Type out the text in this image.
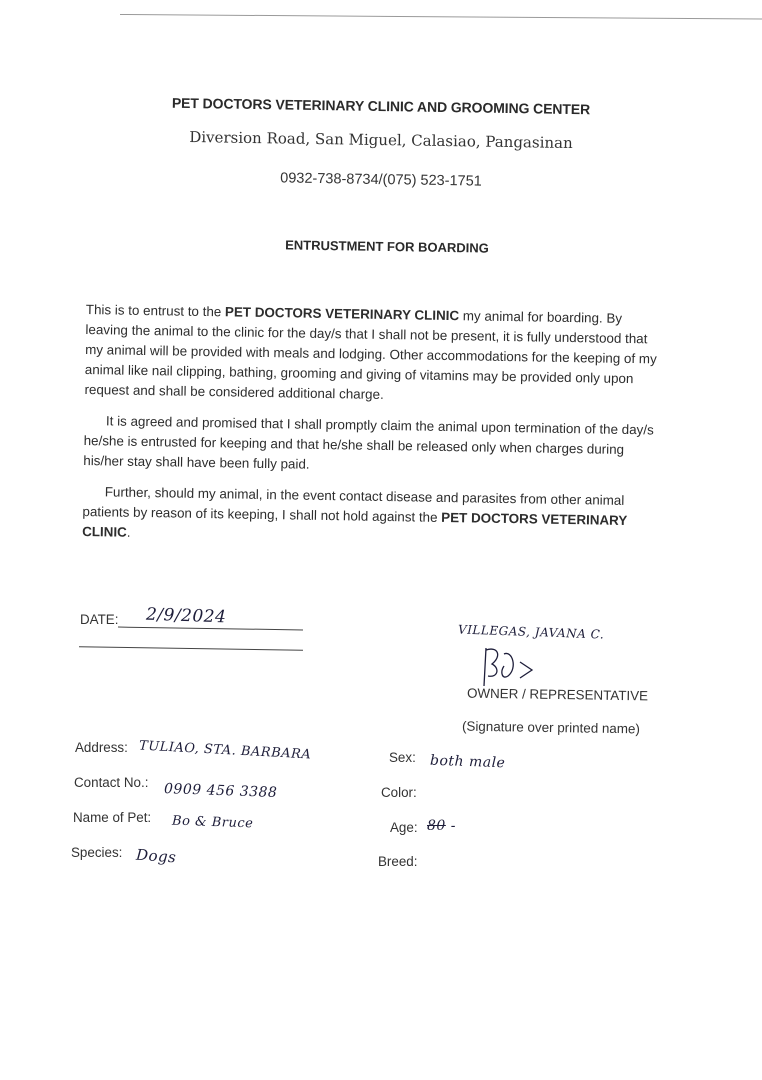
PET DOCTORS VETERINARY CLINIC AND GROOMING CENTER
Diversion Road, San Miguel, Calasiao, Pangasinan
0932-738-8734/(075) 523-1751
ENTRUSTMENT FOR BOARDING

This is to entrust to the PET DOCTORS VETERINARY CLINIC my animal for boarding. By leaving the animal to the clinic for the day/s that I shall not be present, it is fully understood that my animal will be provided with meals and lodging. Other accommodations for the keeping of my animal like nail clipping, bathing, grooming and giving of vitamins may be provided only upon request and shall be considered additional charge.

It is agreed and promised that I shall promptly claim the animal upon termination of the day/s he/she is entrusted for keeping and that he/she shall be released only when charges during his/her stay shall have been fully paid.

Further, should my animal, in the event contact disease and parasites from other animal patients by reason of its keeping, I shall not hold against the PET DOCTORS VETERINARY CLINIC.

DATE: 2/9/2024
VILLEGAS, JAVANA C.
OWNER / REPRESENTATIVE
(Signature over printed name)
Address: TULIAO, STA. BARBARA
Contact No.: 0909 456 3388
Name of Pet: Bo & Bruce
Species: Dogs
Sex: both male
Color:
Age: 80 -
Breed:
